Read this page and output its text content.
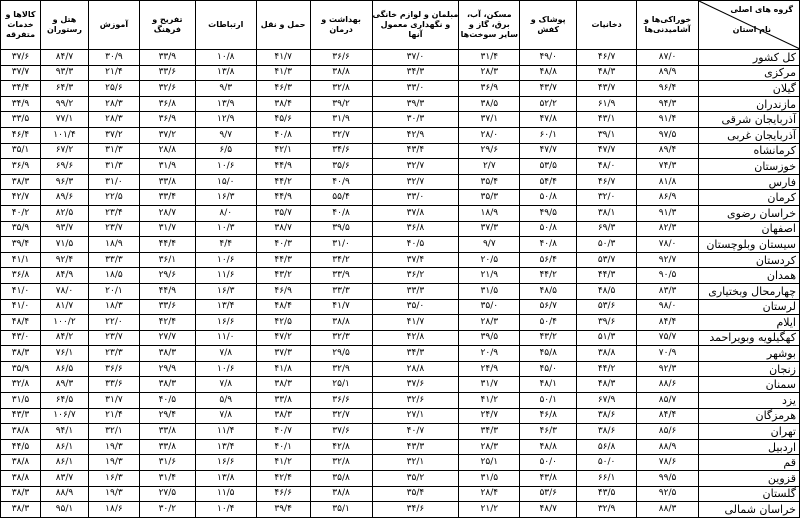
گروه های اصلی
نام استان	خوراکی‌ها و آشامیدنی‌ها	دخانیات	پوشاک و کفش	مسکن، آب، برق، گاز و سایر سوخت‌ها	مبلمان و لوازم خانگی و نگهداری معمول آنها	بهداشت و درمان	حمل و نقل	ارتباطات	تفریح و فرهنگ	آموزش	هتل و رستوران	کالاها و خدمات متفرقه
کل کشور	۸۷/۰	۴۶/۷	۴۹/۰	۳۱/۴	۳۷/۰	۳۶/۶	۴۱/۷	۱۰/۸	۳۳/۹	۳۰/۹	۸۴/۷	۳۷/۶
مرکزی	۸۹/۹	۴۸/۳	۴۸/۸	۲۸/۳	۳۴/۳	۳۸/۸	۴۱/۳	۱۳/۸	۳۳/۶	۲۱/۴	۹۳/۳	۳۷/۷
گیلان	۹۶/۴	۴۳/۷	۴۳/۷	۳۶/۹	۳۳/۰	۳۲/۸	۴۶/۳	۹/۳	۳۲/۶	۲۵/۶	۶۴/۳	۳۴/۴
مازندران	۹۴/۳	۶۱/۹	۵۲/۲	۳۸/۵	۳۹/۳	۳۹/۲	۳۸/۴	۱۳/۹	۳۶/۸	۲۸/۳	۹۹/۲	۳۴/۹
آذربایجان شرقی	۹۱/۴	۴۳/۱	۴۷/۸	۳۷/۱	۳۰/۳	۳۱/۹	۴۵/۶	۱۲/۹	۳۶/۹	۲۸/۳	۷۷/۱	۳۳/۵
آذربایجان غربی	۹۷/۵	۳۹/۱	۶۰/۱	۲۸/۰	۴۲/۹	۳۲/۷	۴۰/۸	۹/۷	۳۷/۲	۳۷/۲	۱۰۱/۴	۴۶/۴
کرمانشاه	۸۹/۴	۴۷/۷	۴۷/۷	۲۹/۶	۴۳/۴	۳۴/۶	۴۲/۱	۶/۵	۲۸/۸	۳۱/۳	۶۷/۲	۳۵/۱
خوزستان	۷۴/۳	۴۸/۰	۵۳/۵	۲/۷	۳۲/۷	۳۵/۶	۴۴/۹	۱۰/۶	۳۱/۹	۳۱/۳	۶۹/۶	۳۶/۹
فارس	۸۱/۸	۴۶/۷	۵۴/۴	۳۵/۴	۳۲/۷	۴۰/۹	۴۴/۲	۱۵/۰	۳۳/۸	۳۱/۰	۹۶/۳	۳۸/۳
کرمان	۸۶/۹	۳۲/۰	۵۰/۸	۳۵/۳	۳۳/۰	۵۵/۴	۴۴/۹	۱۶/۳	۳۳/۴	۲۲/۵	۸۹/۶	۴۲/۷
خراسان رضوی	۹۱/۳	۳۸/۱	۴۹/۵	۱۸/۹	۳۷/۸	۴۰/۸	۳۵/۷	۸/۰	۲۸/۷	۲۳/۴	۸۲/۵	۴۰/۲
اصفهان	۸۲/۳	۶۹/۳	۵۰/۸	۳۷/۳	۳۶/۸	۳۹/۵	۳۸/۷	۱۰/۳	۳۱/۷	۲۳/۷	۹۳/۷	۳۵/۹
سیستان وبلوچستان	۷۸/۰	۵۰/۳	۴۰/۸	۹/۷	۴۰/۵	۳۱/۰	۴۰/۳	۴/۴	۴۴/۴	۱۸/۹	۷۱/۵	۳۹/۴
کردستان	۹۲/۷	۵۳/۷	۵۶/۴	۲۰/۵	۳۷/۴	۳۴/۲	۴۴/۳	۱۰/۶	۳۶/۱	۳۳/۳	۹۲/۴	۴۱/۱
همدان	۹۰/۵	۴۴/۳	۴۴/۲	۲۱/۹	۳۶/۲	۳۳/۹	۴۳/۲	۱۱/۶	۲۹/۶	۱۸/۵	۸۴/۹	۳۶/۸
چهارمحال وبختیاری	۸۳/۳	۴۸/۵	۴۸/۵	۳۱/۵	۳۳/۳	۳۳/۳	۴۶/۹	۱۶/۳	۴۴/۹	۲۰/۱	۷۸/۰	۴۱/۰
لرستان	۹۸/۰	۵۳/۶	۵۶/۷	۳۵/۰	۳۵/۰	۴۱/۷	۴۸/۴	۱۳/۴	۳۳/۶	۱۸/۳	۸۱/۷	۴۱/۰
ایلام	۸۴/۴	۳۹/۶	۵۰/۴	۲۸/۳	۴۱/۷	۳۸/۸	۴۲/۵	۱۶/۶	۴۲/۴	۲۲/۰	۱۰۰/۲	۴۸/۴
کهگیلویه وبویراحمد	۷۵/۷	۵۱/۳	۴۳/۲	۳۹/۵	۴۲/۸	۳۲/۳	۴۷/۲	۱۱/۰	۲۷/۷	۲۳/۷	۸۴/۲	۴۳/۰
بوشهر	۷۰/۹	۳۸/۸	۴۵/۸	۲۰/۹	۳۴/۳	۲۹/۵	۳۷/۳	۷/۸	۳۸/۳	۲۳/۳	۷۶/۱	۳۸/۳
زنجان	۹۲/۳	۴۴/۲	۴۵/۰	۲۴/۹	۲۸/۸	۳۲/۹	۴۱/۸	۱۰/۶	۲۹/۹	۳۶/۶	۸۶/۵	۳۵/۹
سمنان	۸۸/۶	۴۸/۳	۴۸/۱	۳۱/۷	۳۷/۶	۲۵/۱	۳۸/۳	۷/۸	۳۸/۳	۳۳/۶	۸۹/۳	۳۲/۸
یزد	۸۵/۷	۶۷/۹	۵۰/۱	۴۱/۲	۳۲/۶	۳۶/۶	۳۳/۸	۵/۹	۴۰/۵	۳۱/۷	۶۴/۵	۳۱/۵
هرمزگان	۸۴/۴	۳۸/۶	۴۶/۸	۲۴/۷	۲۷/۱	۳۲/۷	۳۸/۳	۷/۸	۲۹/۴	۲۱/۴	۱۰۶/۷	۴۳/۳
تهران	۸۵/۶	۳۸/۶	۴۶/۳	۳۴/۳	۴۰/۷	۳۷/۶	۴۰/۷	۱۱/۴	۳۳/۸	۳۲/۱	۹۴/۱	۳۸/۸
اردبیل	۸۸/۹	۵۶/۸	۴۸/۸	۲۸/۳	۴۳/۳	۴۲/۸	۴۰/۱	۱۳/۴	۳۳/۸	۱۹/۳	۸۶/۱	۴۴/۵
قم	۷۸/۶	۵۰/۰	۵۰/۰	۲۵/۱	۳۲/۱	۳۲/۸	۴۱/۲	۱۶/۶	۳۱/۶	۱۹/۳	۸۶/۱	۳۸/۸
قزوین	۹۹/۵	۶۶/۱	۴۳/۸	۳۱/۵	۳۵/۲	۳۵/۸	۴۲/۴	۱۳/۸	۳۱/۴	۱۶/۳	۸۳/۷	۳۸/۸
گلستان	۹۲/۵	۴۳/۵	۵۳/۶	۲۸/۴	۳۵/۴	۳۸/۸	۴۶/۶	۱۱/۵	۲۷/۵	۱۹/۳	۸۸/۹	۳۸/۳
خراسان شمالی	۸۸/۳	۳۲/۹	۴۸/۷	۲۱/۲	۳۴/۶	۳۵/۱	۳۹/۴	۱۰/۴	۳۰/۲	۱۸/۶	۹۵/۱	۳۸/۳
